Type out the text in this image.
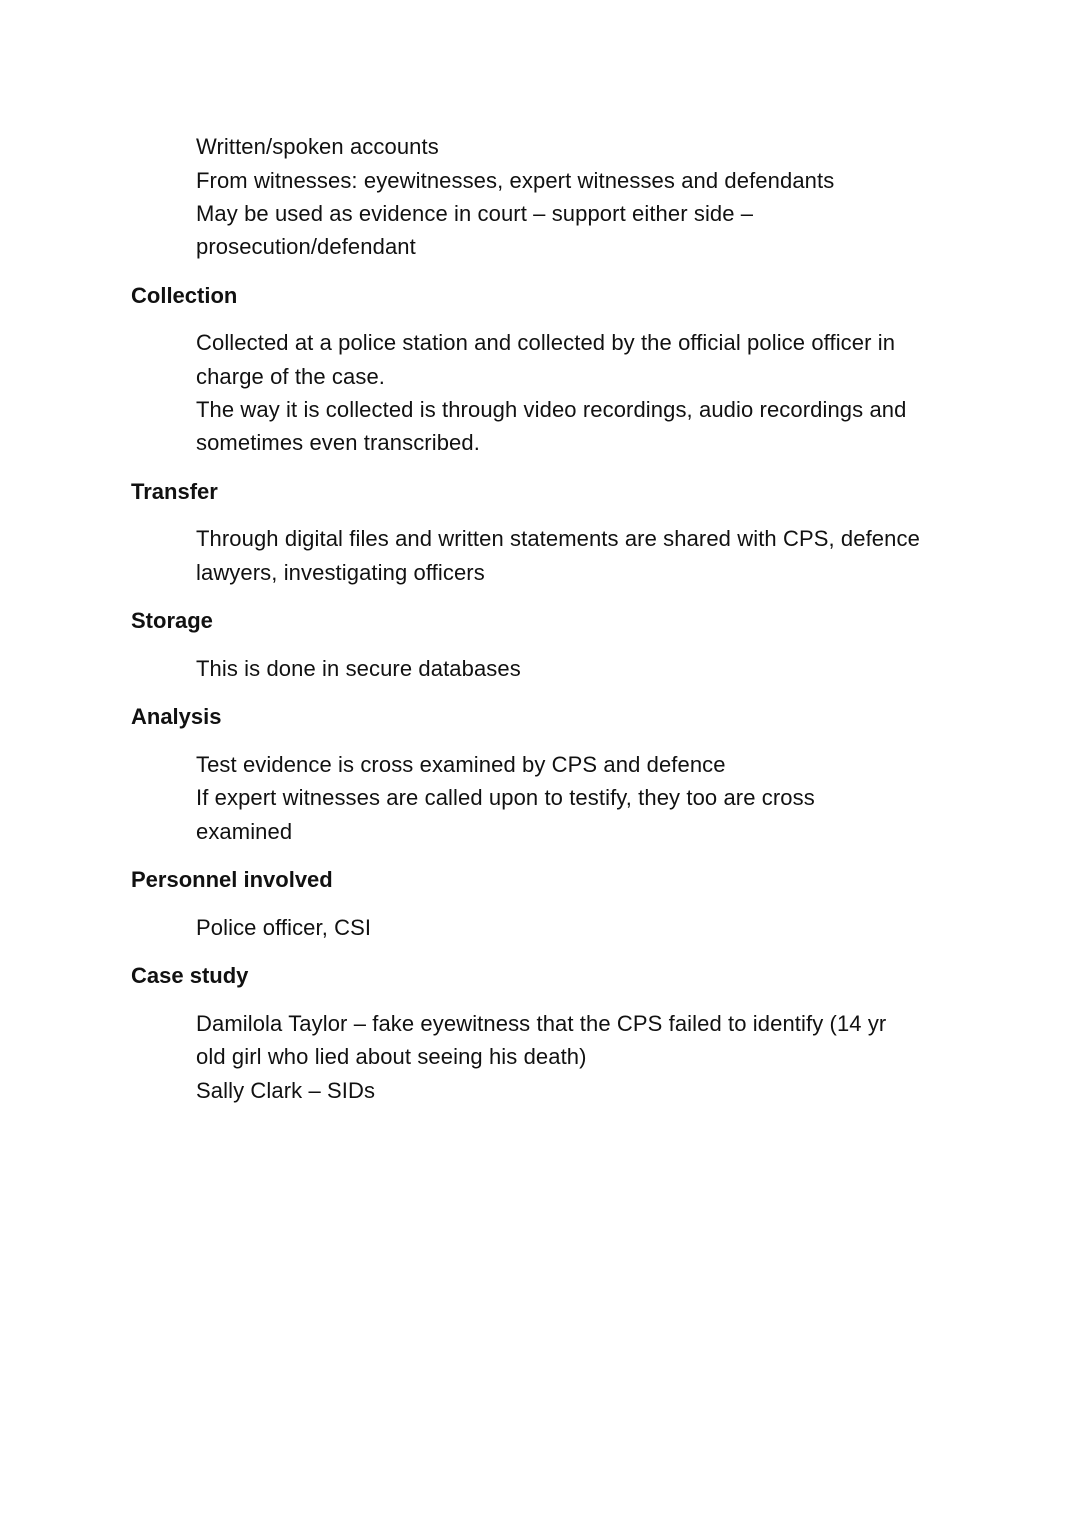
Written/spoken accounts
From witnesses: eyewitnesses, expert witnesses and defendants
May be used as evidence in court – support either side –
prosecution/defendant
Collection
Collected at a police station and collected by the official police officer in
charge of the case.
The way it is collected is through video recordings, audio recordings and
sometimes even transcribed.
Transfer
Through digital files and written statements are shared with CPS, defence
lawyers, investigating officers
Storage
This is done in secure databases
Analysis
Test evidence is cross examined by CPS and defence
If expert witnesses are called upon to testify, they too are cross
examined
Personnel involved
Police officer, CSI
Case study
Damilola Taylor – fake eyewitness that the CPS failed to identify (14 yr
old girl who lied about seeing his death)
Sally Clark – SIDs
